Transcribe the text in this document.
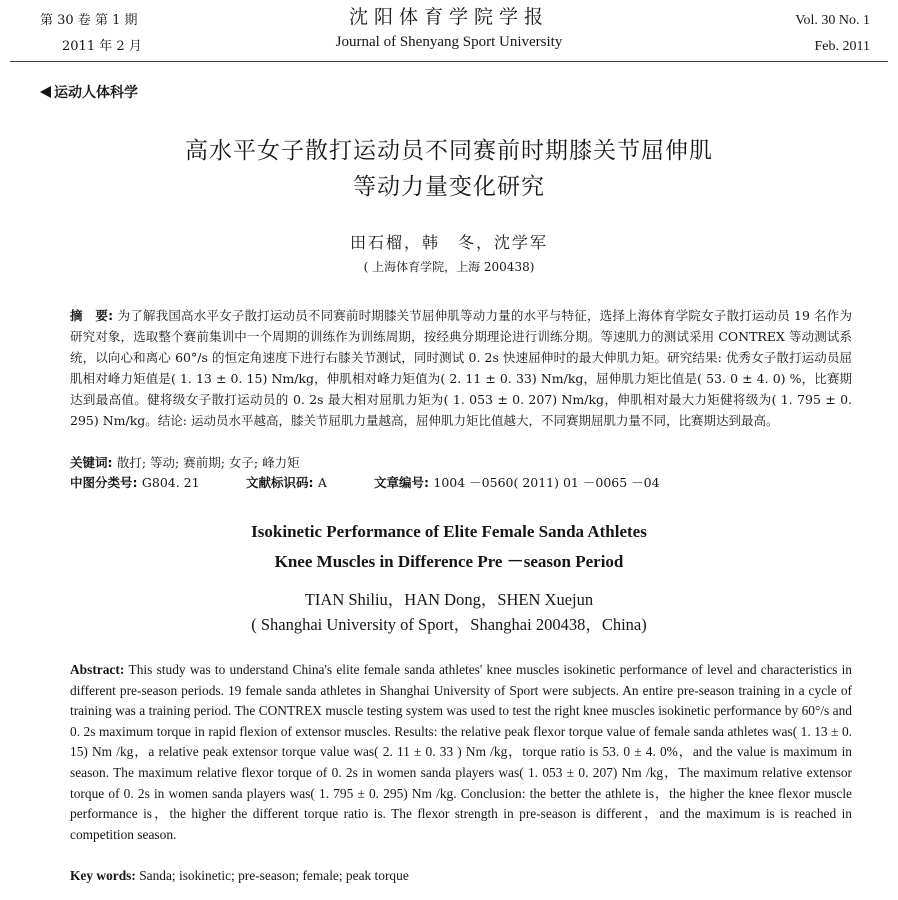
第 30 卷 第 1 期
2011 年 2 月
沈阳体育学院学报
Journal of Shenyang Sport University
Vol. 30 No. 1
Feb. 2011
运动人体科学
高水平女子散打运动员不同赛前时期膝关节屈伸肌
等动力量变化研究
田石榴，韩　冬，沈学军
( 上海体育学院，上海 200438)
摘　要: 为了解我国高水平女子散打运动员不同赛前时期膝关节屈伸肌等动力量的水平与特征，选择上海体育学院女子散打运动员 19 名作为研究对象，选取整个赛前集训中一个周期的训练作为训练周期，按经典分期理论进行训练分期。等速肌力的测试采用 CONTREX 等动测试系统，以向心和离心 60°/s 的恒定角速度下进行右膝关节测试，同时测试 0. 2s 快速屈伸时的最大伸肌力矩。研究结果: 优秀女子散打运动员屈肌相对峰力矩值是( 1. 13 ± 0. 15) Nm/kg，伸肌相对峰力矩值为( 2. 11 ± 0. 33) Nm/kg，屈伸肌力矩比值是( 53. 0 ± 4. 0) %，比赛期达到最高值。健将级女子散打运动员的 0. 2s 最大相对屈肌力矩为( 1. 053 ± 0. 207) Nm/kg，伸肌相对最大力矩健将级为( 1. 795 ± 0. 295) Nm/kg。结论: 运动员水平越高，膝关节屈肌力量越高，屈伸肌力矩比值越大，不同赛期屈肌力量不同，比赛期达到最高。
关键词: 散打; 等动; 赛前期; 女子; 峰力矩
中图分类号: G804. 21	文献标识码: A	文章编号: 1004 －0560( 2011) 01 －0065 －04
Isokinetic Performance of Elite Female Sanda Athletes
Knee Muscles in Difference Pre －season Period
TIAN Shiliu，HAN Dong，SHEN Xuejun
( Shanghai University of Sport，Shanghai 200438，China)
Abstract: This study was to understand China's elite female sanda athletes' knee muscles isokinetic performance of level and characteristics in different pre-season periods. 19 female sanda athletes in Shanghai University of Sport were subjects. An entire pre-season training in a cycle of training was a training period. The CONTREX muscle testing system was used to test the right knee muscles isokinetic performance by 60°/s and 0. 2s maximum torque in rapid flexion of extensor muscles. Results: the relative peak flexor torque value of female sanda athletes was( 1. 13 ± 0. 15) Nm /kg，a relative peak extensor torque value was( 2. 11 ± 0. 33 ) Nm /kg，torque ratio is 53. 0 ± 4. 0%，and the value is maximum in season. The maximum relative flexor torque of 0. 2s in women sanda players was( 1. 053 ± 0. 207) Nm /kg，The maximum relative extensor torque of 0. 2s in women sanda players was( 1. 795 ± 0. 295) Nm /kg. Conclusion: the better the athlete is，the higher the knee flexor muscle performance is，the higher the different torque ratio is. The flexor strength in pre-season is different，and the maximum is is reached in competition season.
Key words: Sanda; isokinetic; pre-season; female; peak torque
